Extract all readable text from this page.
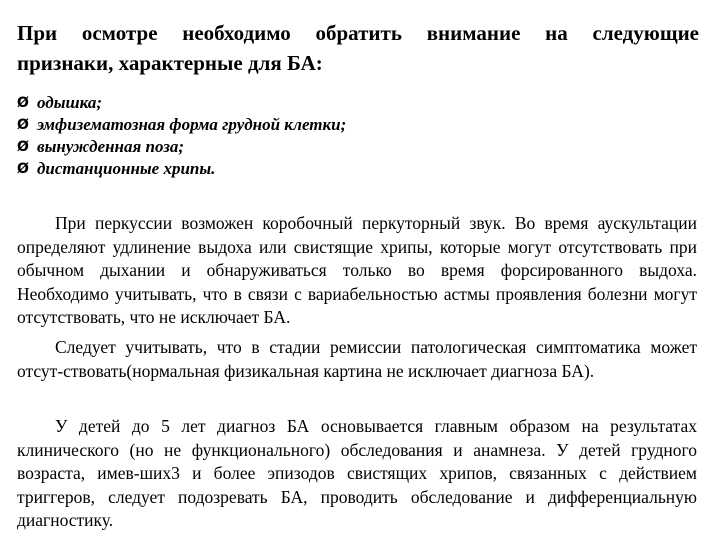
При осмотре необходимо обратить внимание на следующие
признаки, характерные для БА:
Ø одышка;
Ø эмфизематозная форма грудной клетки;
Ø вынужденная поза;
Ø дистанционные хрипы.

При перкуссии возможен коробочный перкуторный звук. Во время аускультации определяют удлинение выдоха или свистящие хрипы, которые могут отсутствовать при обычном дыхании и обнаруживаться только во время форсированного выдоха. Необходимо учитывать, что в связи с вариабельностью астмы проявления болезни могут отсутствовать, что не исключает БА.

Следует учитывать, что в стадии ремиссии патологическая симптоматика может отсут-ствовать(нормальная физикальная картина не исключает диагноза БА).

У детей до 5 лет диагноз БА основывается главным образом на результатах клинического (но не функционального) обследования и анамнеза. У детей грудного возраста, имев-ших3 и более эпизодов свистящих хрипов, связанных с действием триггеров, следует подозревать БА, проводить обследование и дифференциальную диагностику.
